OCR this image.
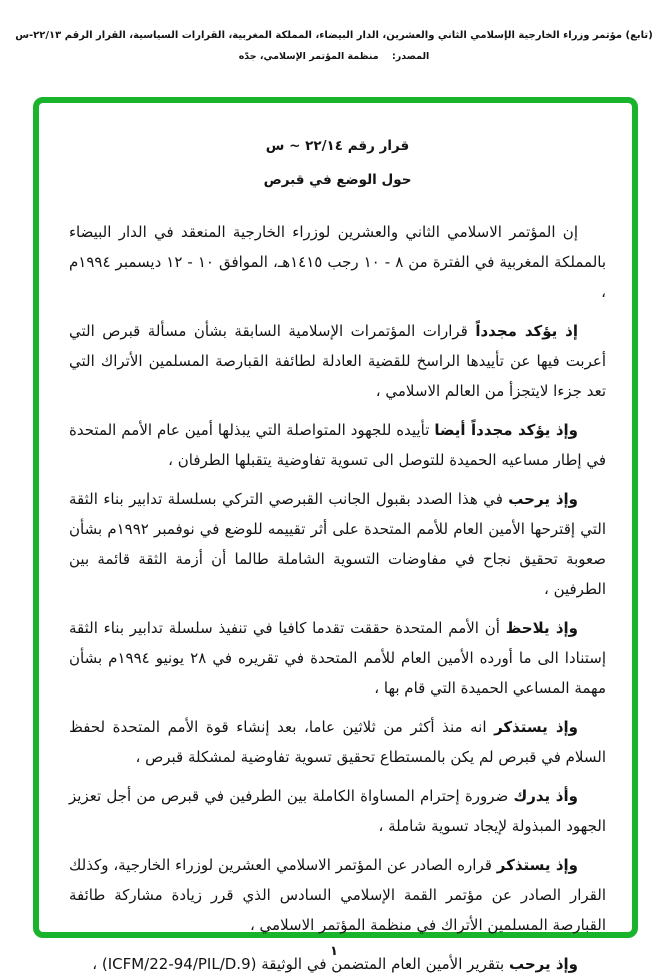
(تابع) مؤتمر وزراء الخارجية الإسلامي الثاني والعشرين، الدار البيضاء، المملكة المغربية، القرارات السياسية، القرار الرقم ٢٢/١٣-س
المصدر: منظمة المؤتمر الإسلامي، جدّه
قرار رقم ٢٢/١٤ ~ س
حول الوضع في قبرص

إن المؤتمر الاسلامي الثاني والعشرين لوزراء الخارجية المنعقد في الدار البيضاء بالمملكة المغربية في الفترة من ٨ - ١٠ رجب ١٤١٥هـ، الموافق ١٠ - ١٢ ديسمبر ١٩٩٤م ،

إذ يؤكد مجدداً قرارات المؤتمرات الإسلامية السابقة بشأن مسألة قبرص التي أعربت فيها عن تأييدها الراسخ للقضية العادلة لطائفة القبارصة المسلمين الأتراك التي تعد جزءا لايتجزأ من العالم الاسلامي ،

وإذ يؤكد مجدداً أيضا تأييده للجهود المتواصلة التي يبذلها أمين عام الأمم المتحدة في إطار مساعيه الحميدة للتوصل الى تسوية تفاوضية يتقبلها الطرفان ،

وإذ يرحب في هذا الصدد بقبول الجانب القبرصي التركي بسلسلة تدابير بناء الثقة التي إقترحها الأمين العام للأمم المتحدة على أثر تقييمه للوضع في نوفمبر ١٩٩٢م بشأن صعوبة تحقيق نجاح في مفاوضات التسوية الشاملة طالما أن أزمة الثقة قائمة بين الطرفين ،

وإذ يلاحظ أن الأمم المتحدة حققت تقدما كافيا في تنفيذ سلسلة تدابير بناء الثقة إستنادا الى ما أورده الأمين العام للأمم المتحدة في تقريره في ٢٨ يونيو ١٩٩٤م بشأن مهمة المساعي الحميدة التي قام بها ،

وإذ يستذكر انه منذ أكثر من ثلاثين عاما، بعد إنشاء قوة الأمم المتحدة لحفظ السلام في قبرص لم يكن بالمستطاع تحقيق تسوية تفاوضية لمشكلة قبرص ،

وأذ يدرك ضرورة إحترام المساواة الكاملة بين الطرفين في قبرص من أجل تعزيز الجهود المبذولة لإيجاد تسوية شاملة ،

وإذ يستذكر قراره الصادر عن المؤتمر الاسلامي العشرين لوزراء الخارجية، وكذلك القرار الصادر عن مؤتمر القمة الإسلامي السادس الذي قرر زيادة مشاركة طائفة القبارصة المسلمين الأتراك في منظمة المؤتمر الاسلامي ،

وإذ يرحب بتقرير الأمين العام المتضمن في الوثيقة (ICFM/22-94/PIL/D.9) ،

١
